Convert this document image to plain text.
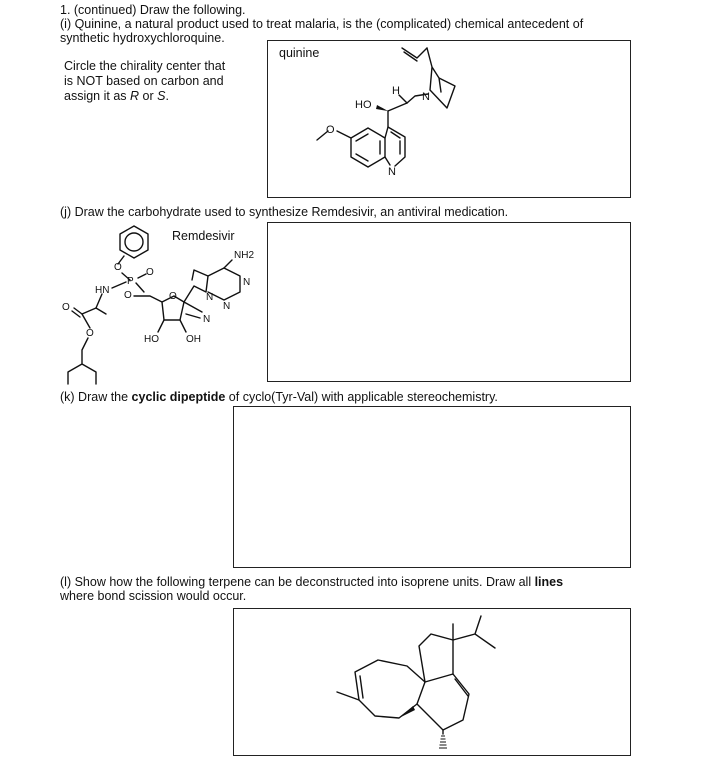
1. (continued) Draw the following.
(i) Quinine, a natural product used to treat malaria, is the (complicated) chemical antecedent of
synthetic hydroxychloroquine.
Circle the chirality center that
is NOT based on carbon and
assign it as R or S.
quinine
O
HO
H N
N
(j) Draw the carbohydrate used to synthesize Remdesivir, an antiviral medication.
Remdesivir
O
P
O
HN O
O
O
O
HO	OH
N
NH2
N
N
N
(k) Draw the cyclic dipeptide of cyclo(Tyr-Val) with applicable stereochemistry.
(l) Show how the following terpene can be deconstructed into isoprene units. Draw all lines
where bond scission would occur.
